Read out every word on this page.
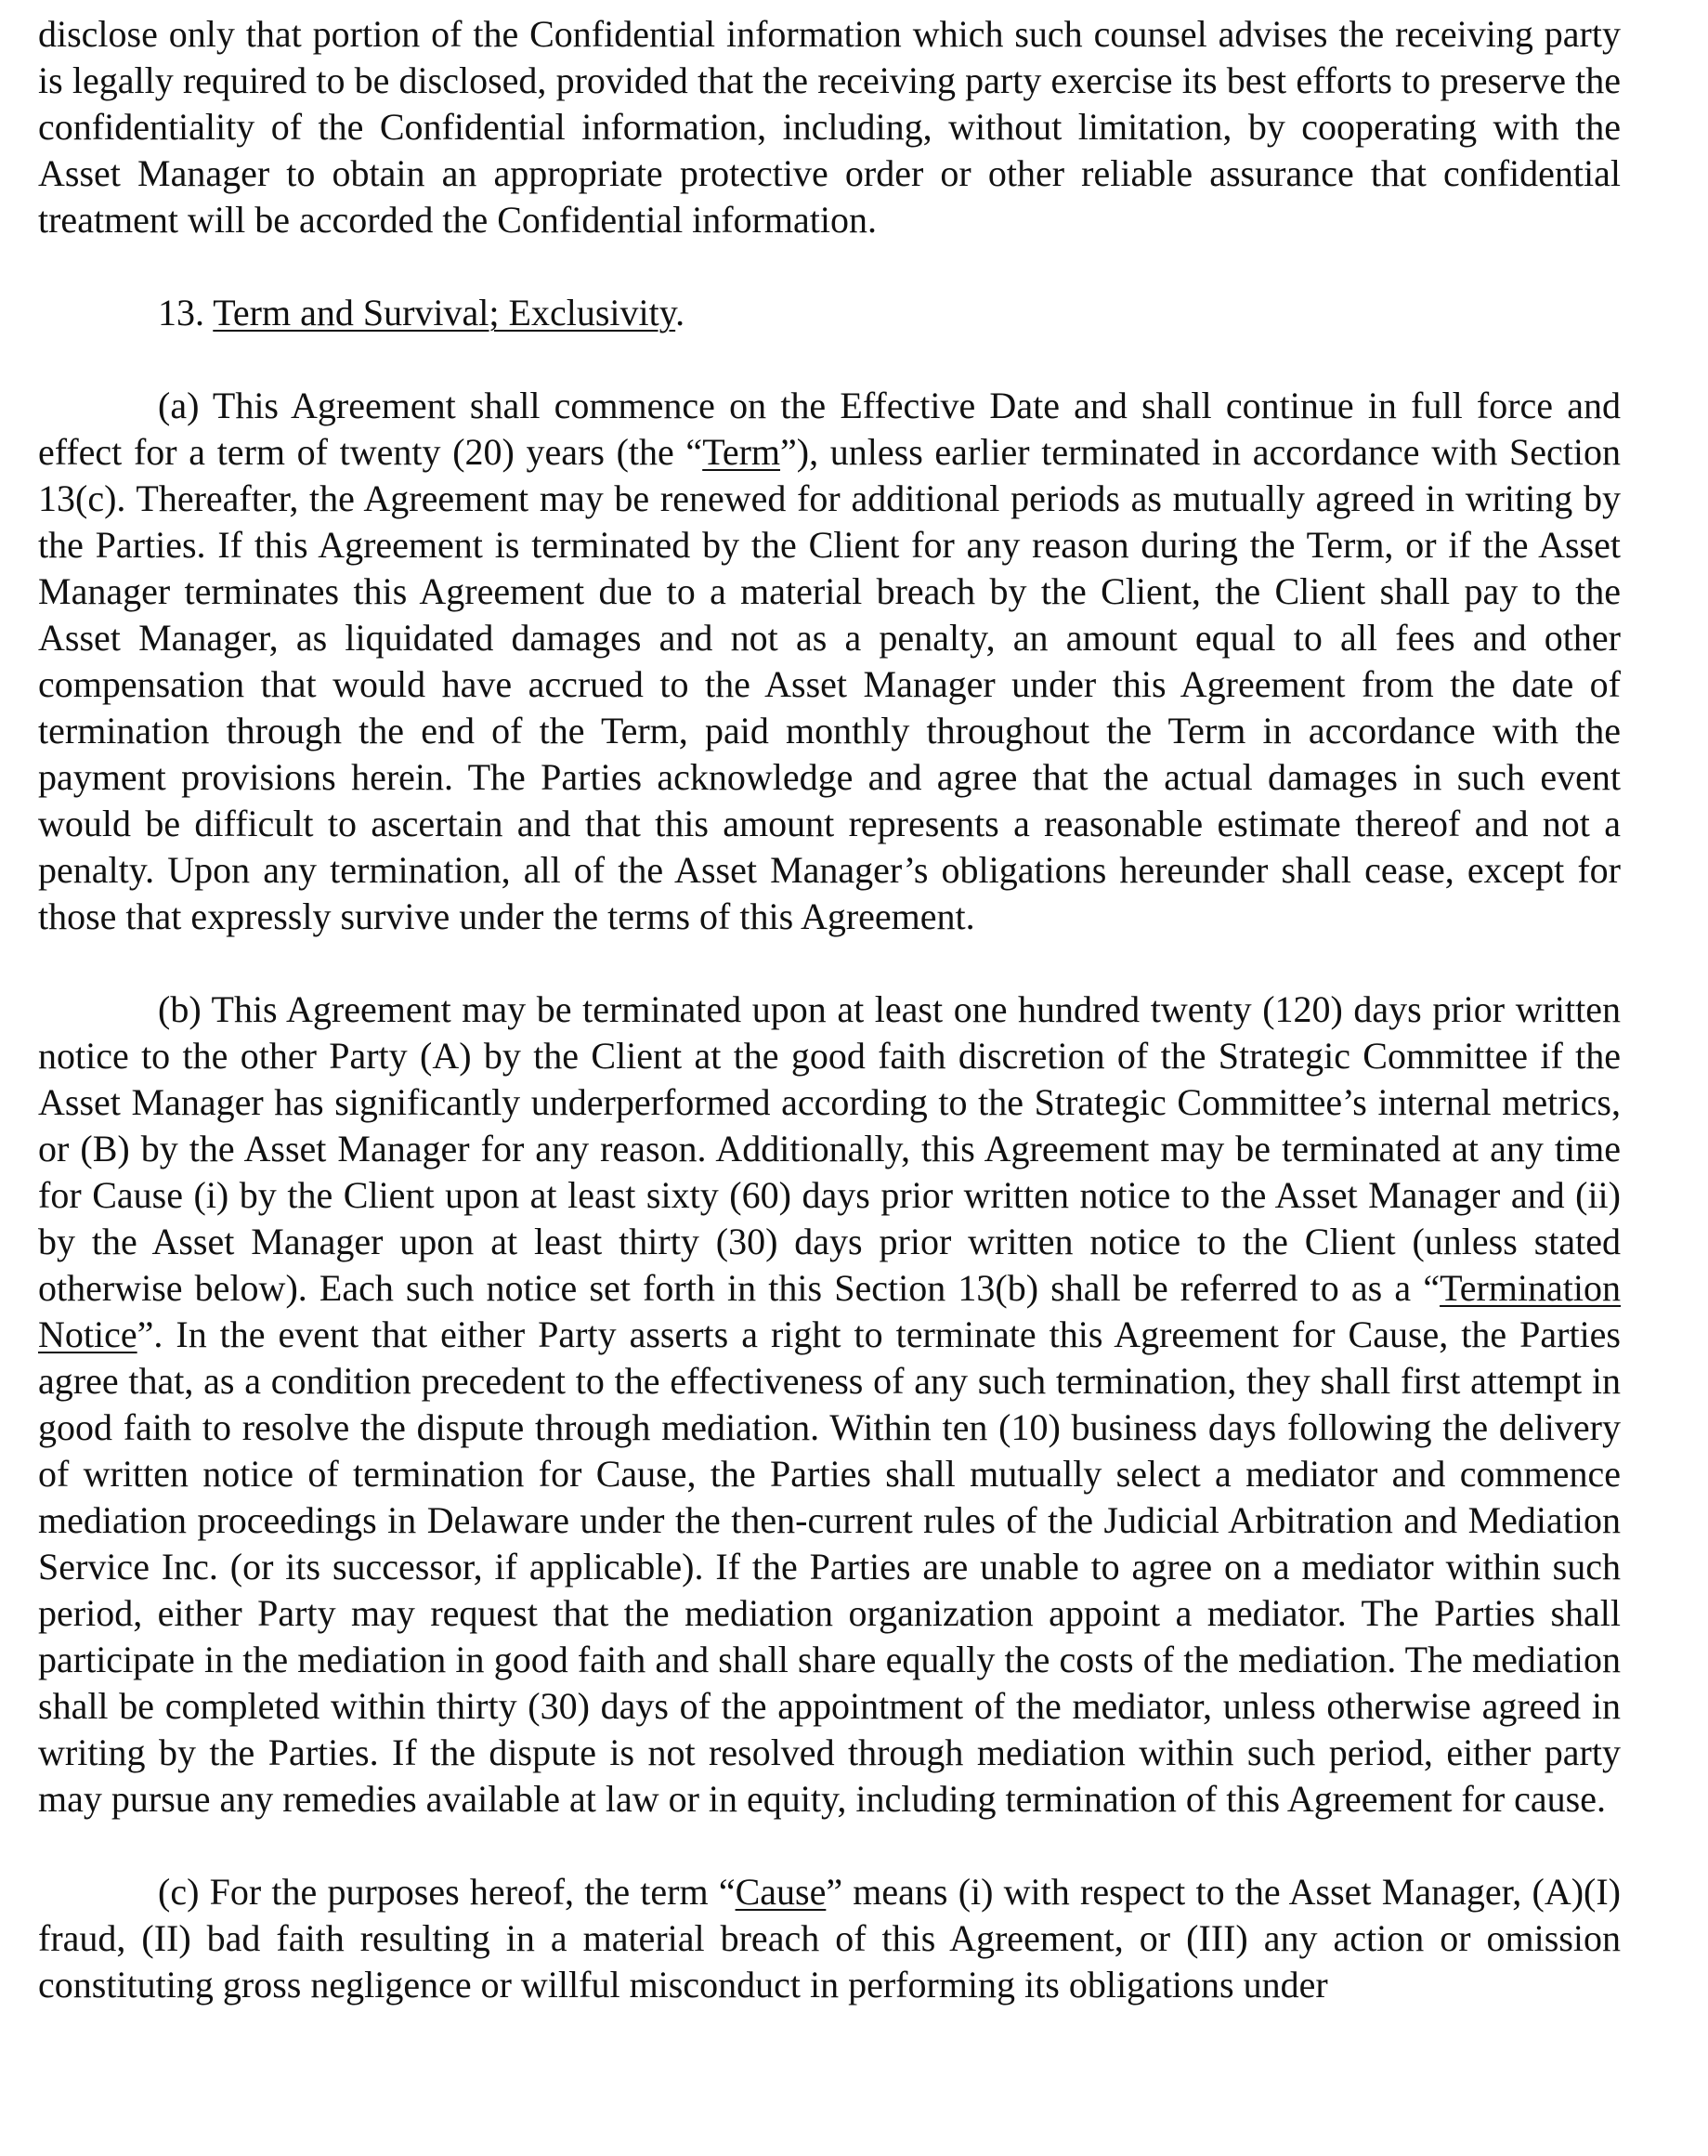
disclose only that portion of the Confidential information which such counsel advises the receiving party is legally required to be disclosed, provided that the receiving party exercise its best efforts to preserve the confidentiality of the Confidential information, including, without limitation, by cooperating with the Asset Manager to obtain an appropriate protective order or other reliable assurance that confidential treatment will be accorded the Confidential information.

13. Term and Survival; Exclusivity.

(a) This Agreement shall commence on the Effective Date and shall continue in full force and effect for a term of twenty (20) years (the “Term”), unless earlier terminated in accordance with Section 13(c). Thereafter, the Agreement may be renewed for additional periods as mutually agreed in writing by the Parties. If this Agreement is terminated by the Client for any reason during the Term, or if the Asset Manager terminates this Agreement due to a material breach by the Client, the Client shall pay to the Asset Manager, as liquidated damages and not as a penalty, an amount equal to all fees and other compensation that would have accrued to the Asset Manager under this Agreement from the date of termination through the end of the Term, paid monthly throughout the Term in accordance with the payment provisions herein. The Parties acknowledge and agree that the actual damages in such event would be difficult to ascertain and that this amount represents a reasonable estimate thereof and not a penalty. Upon any termination, all of the Asset Manager’s obligations hereunder shall cease, except for those that expressly survive under the terms of this Agreement.

(b) This Agreement may be terminated upon at least one hundred twenty (120) days prior written notice to the other Party (A) by the Client at the good faith discretion of the Strategic Committee if the Asset Manager has significantly underperformed according to the Strategic Committee’s internal metrics, or (B) by the Asset Manager for any reason. Additionally, this Agreement may be terminated at any time for Cause (i) by the Client upon at least sixty (60) days prior written notice to the Asset Manager and (ii) by the Asset Manager upon at least thirty (30) days prior written notice to the Client (unless stated otherwise below). Each such notice set forth in this Section 13(b) shall be referred to as a “Termination Notice”. In the event that either Party asserts a right to terminate this Agreement for Cause, the Parties agree that, as a condition precedent to the effectiveness of any such termination, they shall first attempt in good faith to resolve the dispute through mediation. Within ten (10) business days following the delivery of written notice of termination for Cause, the Parties shall mutually select a mediator and commence mediation proceedings in Delaware under the then-current rules of the Judicial Arbitration and Mediation Service Inc. (or its successor, if applicable). If the Parties are unable to agree on a mediator within such period, either Party may request that the mediation organization appoint a mediator. The Parties shall participate in the mediation in good faith and shall share equally the costs of the mediation. The mediation shall be completed within thirty (30) days of the appointment of the mediator, unless otherwise agreed in writing by the Parties. If the dispute is not resolved through mediation within such period, either party may pursue any remedies available at law or in equity, including termination of this Agreement for cause.

(c) For the purposes hereof, the term “Cause” means (i) with respect to the Asset Manager, (A)(I) fraud, (II) bad faith resulting in a material breach of this Agreement, or (III) any action or omission constituting gross negligence or willful misconduct in performing its obligations under
